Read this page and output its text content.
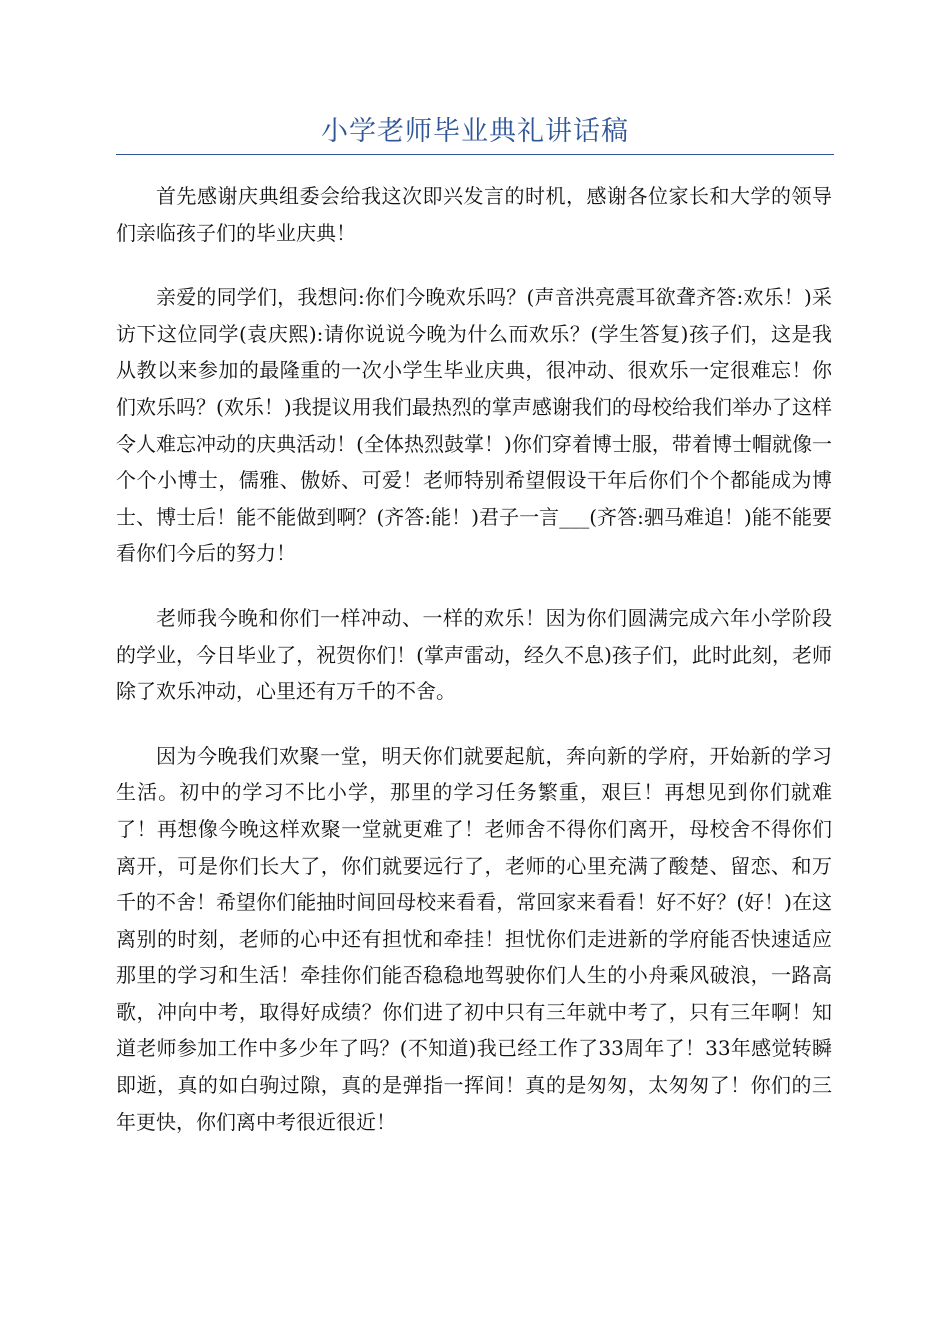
小学老师毕业典礼讲话稿

首先感谢庆典组委会给我这次即兴发言的时机，感谢各位家长和大学的领导们亲临孩子们的毕业庆典！

亲爱的同学们，我想问:你们今晚欢乐吗？(声音洪亮震耳欲聋齐答:欢乐！)采访下这位同学(袁庆熙):请你说说今晚为什么而欢乐？(学生答复)孩子们，这是我从教以来参加的最隆重的一次小学生毕业庆典，很冲动、很欢乐一定很难忘！你们欢乐吗？(欢乐！)我提议用我们最热烈的掌声感谢我们的母校给我们举办了这样令人难忘冲动的庆典活动！(全体热烈鼓掌！)你们穿着博士服，带着博士帽就像一个个小博士，儒雅、傲娇、可爱！老师特别希望假设干年后你们个个都能成为博士、博士后！能不能做到啊？(齐答:能！)君子一言___(齐答:驷马难追！)能不能要看你们今后的努力！

老师我今晚和你们一样冲动、一样的欢乐！因为你们圆满完成六年小学阶段的学业，今日毕业了，祝贺你们！(掌声雷动，经久不息)孩子们，此时此刻，老师除了欢乐冲动，心里还有万千的不舍。

因为今晚我们欢聚一堂，明天你们就要起航，奔向新的学府，开始新的学习生活。初中的学习不比小学，那里的学习任务繁重，艰巨！再想见到你们就难了！再想像今晚这样欢聚一堂就更难了！老师舍不得你们离开，母校舍不得你们离开，可是你们长大了，你们就要远行了，老师的心里充满了酸楚、留恋、和万千的不舍！希望你们能抽时间回母校来看看，常回家来看看！好不好？(好！)在这离别的时刻，老师的心中还有担忧和牵挂！担忧你们走进新的学府能否快速适应那里的学习和生活！牵挂你们能否稳稳地驾驶你们人生的小舟乘风破浪，一路高歌，冲向中考，取得好成绩？你们进了初中只有三年就中考了，只有三年啊！知道老师参加工作中多少年了吗？(不知道)我已经工作了33周年了！33年感觉转瞬即逝，真的如白驹过隙，真的是弹指一挥间！真的是匆匆，太匆匆了！你们的三年更快，你们离中考很近很近！
